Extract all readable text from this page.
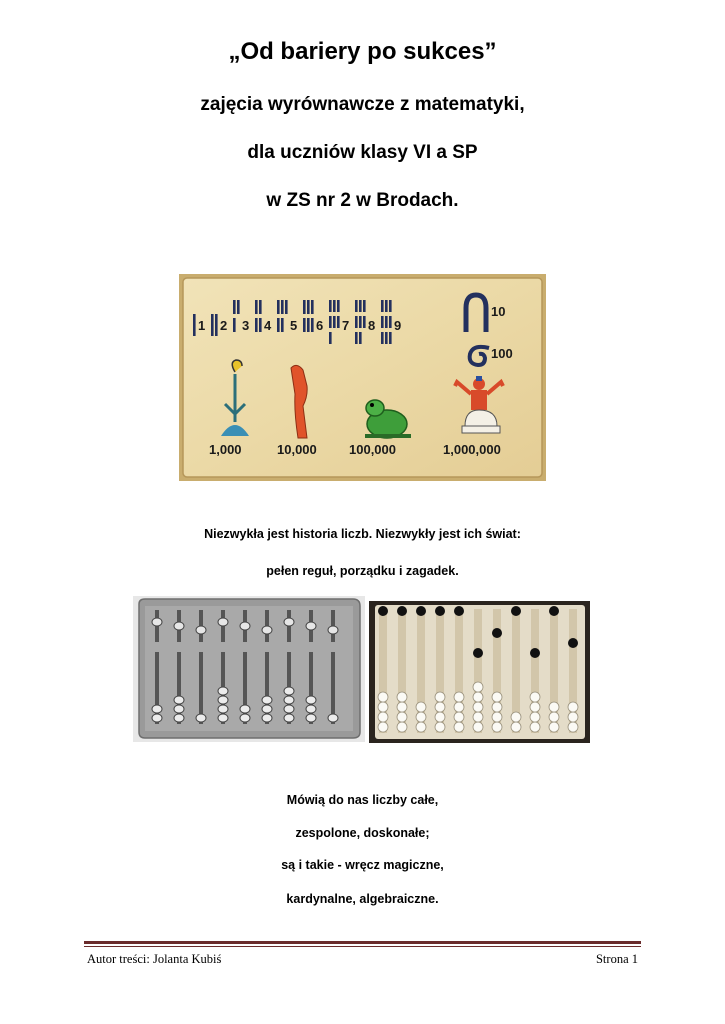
„Od bariery po sukces”
zajęcia wyrównawcze z matematyki,
dla uczniów klasy VI a SP
w ZS nr 2 w Brodach.
1 2 3 4 5 6 7 8 9
10
100
1,000	10,000 100,000	1,000,000
Niezwykła jest historia liczb. Niezwykły jest ich świat:
pełen reguł, porządku i zagadek.
Mówią do nas liczby całe,
zespolone, doskonałe;
są i takie - wręcz magiczne,
kardynalne, algebraiczne.
Autor treści: Jolanta Kubiś	Strona 1
